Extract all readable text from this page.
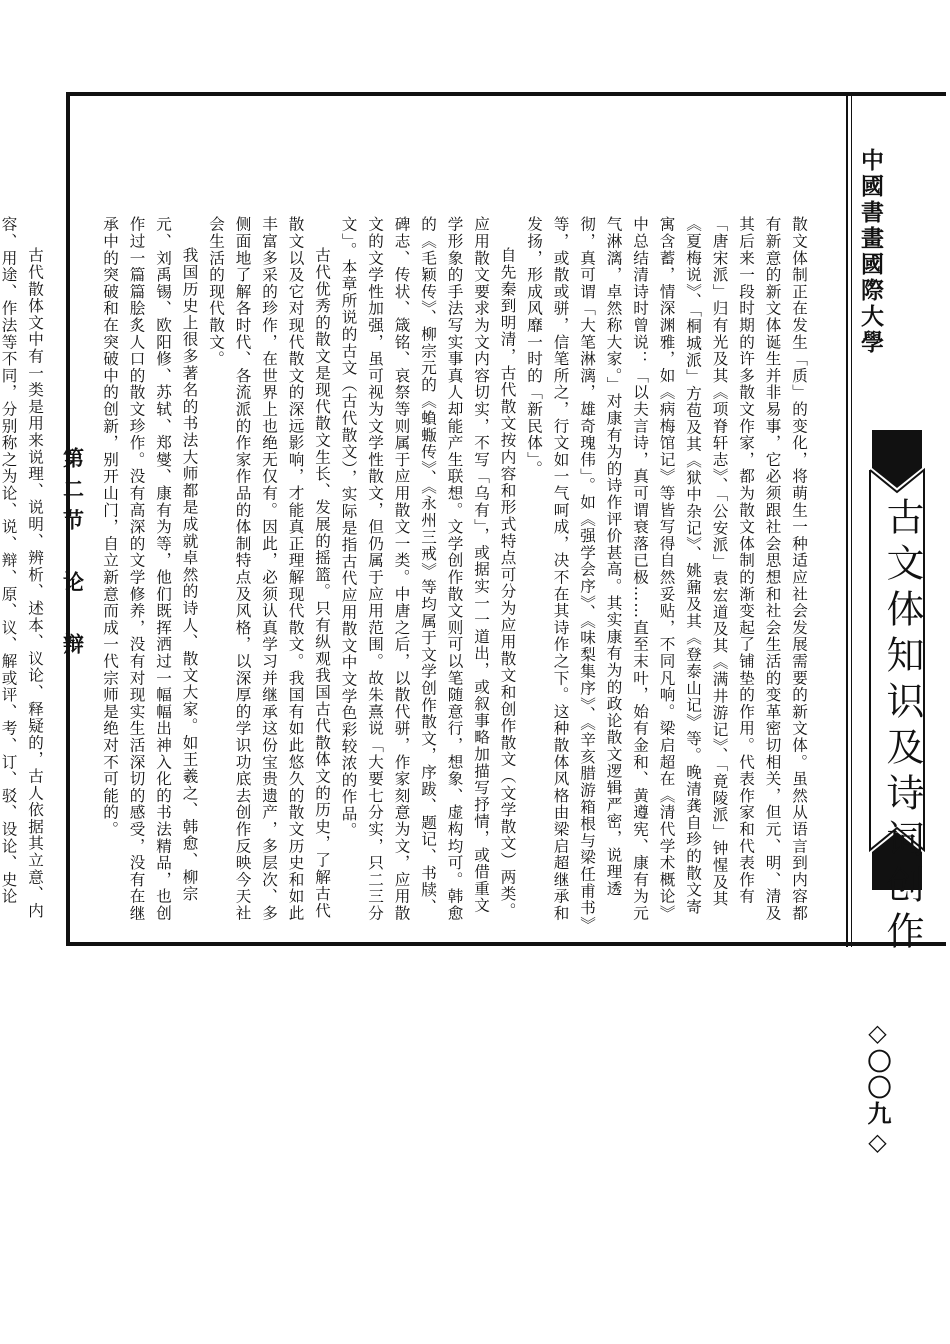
中國書畫國際大學
古文体知识及诗词创作
◇〇〇九◇

散文体制正在发生「质」的变化，将萌生一种适应社会发展需要的新文体。虽然从语言到内容都有新意的新文体诞生并非易事，它必须跟社会思想和社会生活的变革密切相关，但元、明、清及其后来一段时期的许多散文作家，都为散文体制的渐变起了铺垫的作用。代表作家和代表作有「唐宋派」归有光及其《项脊轩志》、「公安派」袁宏道及其《满井游记》、「竟陵派」钟惺及其《夏梅说》、「桐城派」方苞及其《狱中杂记》、姚鼐及其《登泰山记》等。晚清龚自珍的散文寄寓含蓄，情深渊雅，如《病梅馆记》等皆写得自然妥贴，不同凡响。梁启超在《清代学术概论》中总结清诗时曾说：「以夫言诗，真可谓衰落已极……直至末叶，始有金和、黄遵宪、康有为元气淋漓，卓然称大家。」对康有为的诗作评价甚高。其实康有为的政论散文逻辑严密，说理透彻，真可谓「大笔淋漓，雄奇瑰伟」。如《强学会序》、《味梨集序》、《辛亥腊游箱根与梁任甫书》等，或散或骈，信笔所之，行文如一气呵成，决不在其诗作之下。这种散体风格由梁启超继承和发扬，形成风靡一时的「新民体」。

自先秦到明清，古代散文按内容和形式特点可分为应用散文和创作散文（文学散文）两类。应用散文要求为文内容切实，不写「乌有」，或据实一一道出，或叙事略加描写抒情，或借重文学形象的手法写实事真人却能产生联想。文学创作散文则可以笔随意行，想象、虚构均可。韩愈的《毛颖传》、柳宗元的《蝜蝂传》、《永州三戒》等均属于文学创作散文，序跋、题记、书牍、碑志、传状、箴铭、哀祭等则属于应用散文一类。中唐之后，以散代骈，作家刻意为文，应用散文的文学性加强，虽可视为文学性散文，但仍属于应用范围。故朱熹说「大要七分实，只二三分文」。本章所说的古文（古代散文），实际是指古代应用散文中文学色彩较浓的作品。

古代优秀的散文是现代散文生长、发展的摇篮。只有纵观我国古代散体文的历史，了解古代散文以及它对现代散文的深远影响，才能真正理解现代散文。我国有如此悠久的散文历史和如此丰富多采的珍作，在世界上也绝无仅有。因此，必须认真学习并继承这份宝贵遗产，多层次、多侧面地了解各时代、各流派的作家作品的体制特点及风格，以深厚的学识功底去创作反映今天社会生活的现代散文。

我国历史上很多著名的书法大师都是成就卓然的诗人、散文大家。如王羲之、韩愈、柳宗元、刘禹锡、欧阳修、苏轼、郑燮、康有为等，他们既挥洒过一幅幅出神入化的书法精品，也创作过一篇篇脍炙人口的散文珍作。没有高深的文学修养，没有对现实生活深切的感受，没有在继承中的突破和在突破中的创新，别开山门，自立新意而成一代宗师是绝对不可能的。

第二节　论　辩

古代散体文中有一类是用来说理、说明、辨析、述本、议论、释疑的，古人依据其立意、内容、用途、作法等不同，分别称之为论、说、辩、原、议、解或评、考、订、驳、设论、史论
